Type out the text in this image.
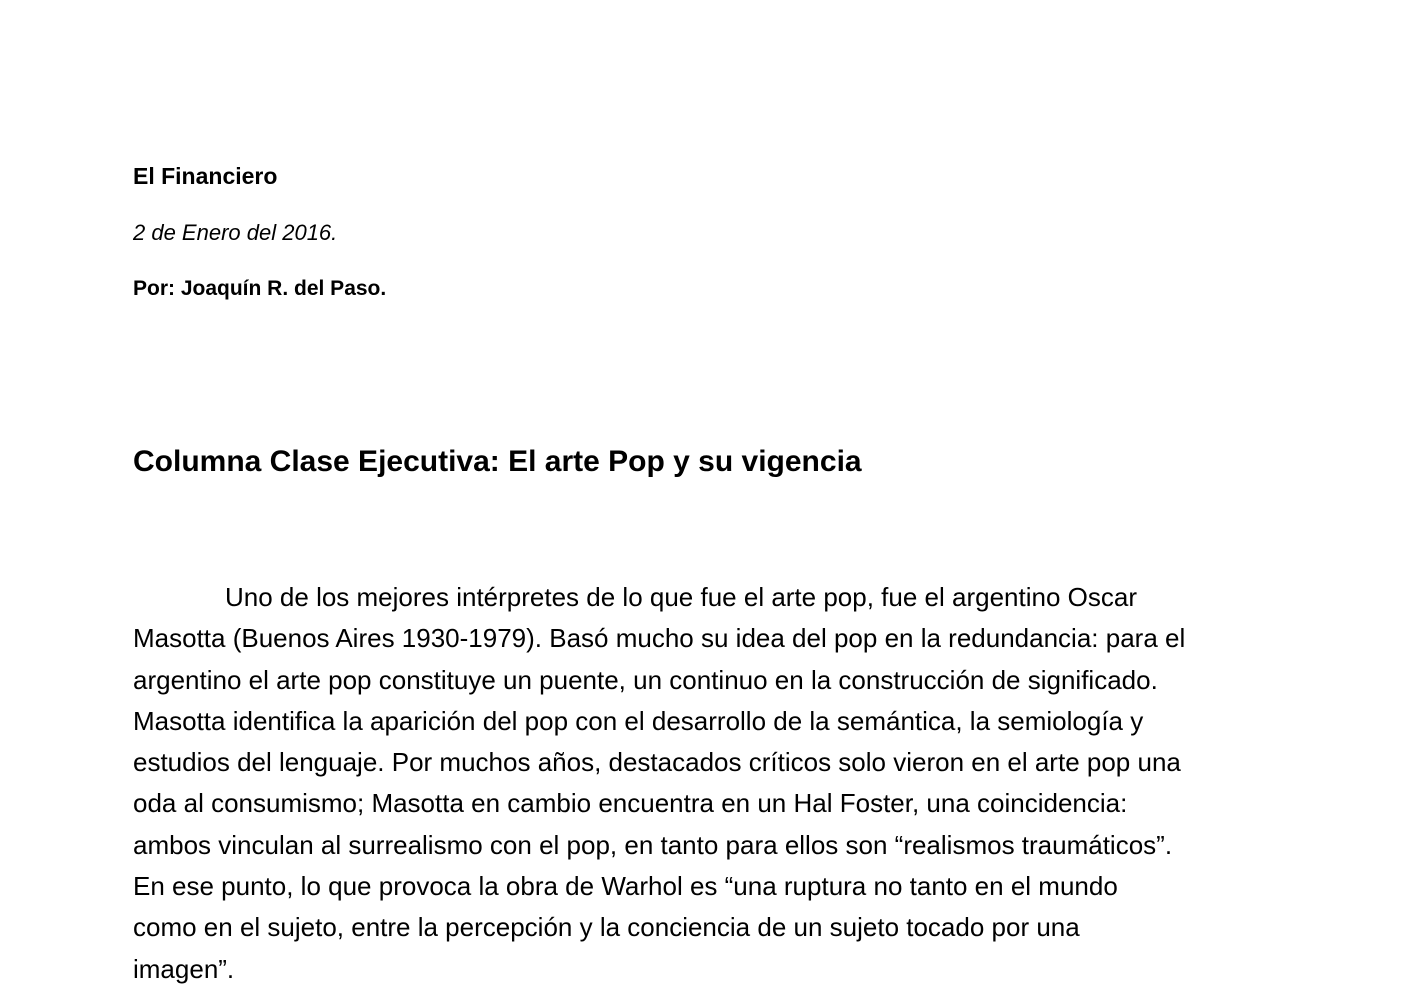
El Financiero
2 de Enero del 2016.
Por: Joaquín R. del Paso.
Columna Clase Ejecutiva: El arte Pop y su vigencia
Uno de los mejores intérpretes de lo que fue el arte pop, fue el argentino Oscar
Masotta (Buenos Aires 1930-1979). Basó mucho su idea del pop en la redundancia: para el
argentino el arte pop constituye un puente, un continuo en la construcción de significado.
Masotta identifica la aparición del pop con el desarrollo de la semántica, la semiología y
estudios del lenguaje. Por muchos años, destacados críticos solo vieron en el arte pop una
oda al consumismo; Masotta en cambio encuentra en un Hal Foster, una coincidencia:
ambos vinculan al surrealismo con el pop, en tanto para ellos son “realismos traumáticos”.
En ese punto, lo que provoca la obra de Warhol es “una ruptura no tanto en el mundo
como en el sujeto, entre la percepción y la conciencia de un sujeto tocado por una
imagen”.
